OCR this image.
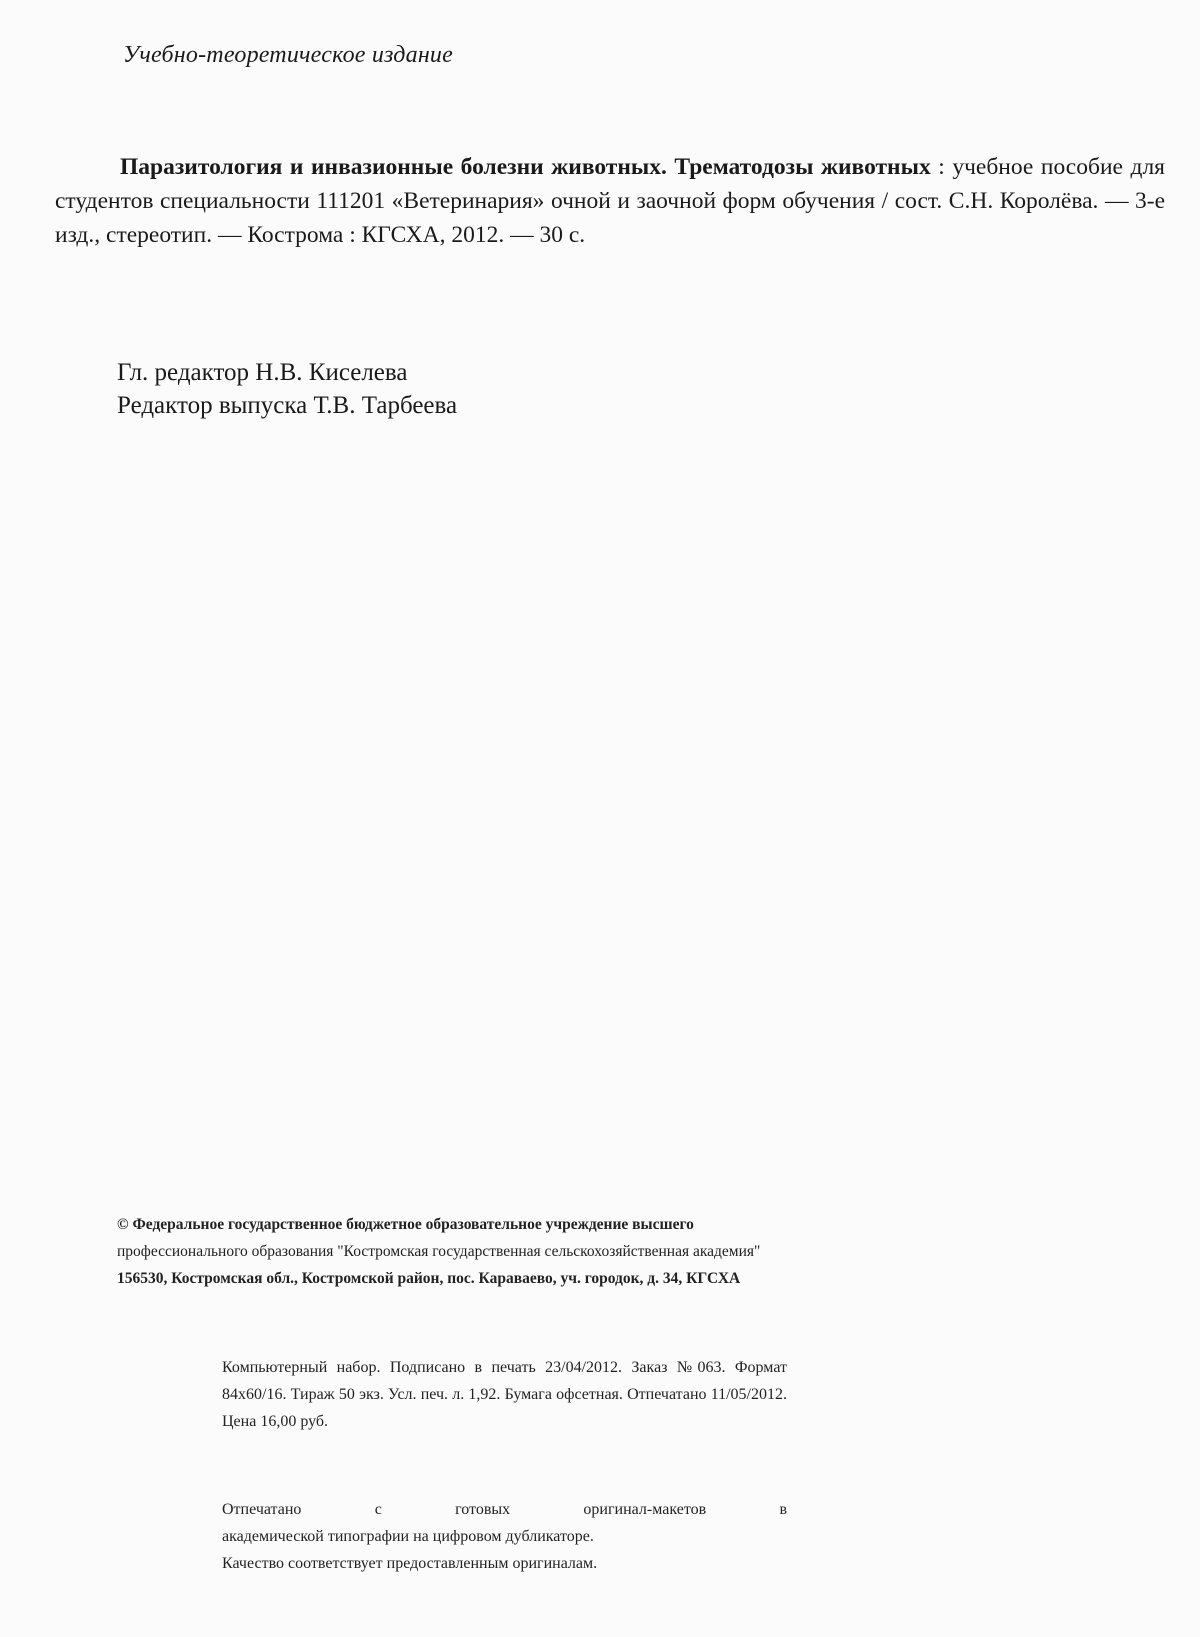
Учебно-теоретическое издание
Паразитология и инвазионные болезни животных. Трематодозы животных : учебное пособие для студентов специальности 111201 «Ветеринария» очной и заочной форм обучения / сост. С.Н. Королёва. — 3-е изд., стереотип. — Кострома : КГСХА, 2012. — 30 с.
Гл. редактор Н.В. Киселева
Редактор выпуска Т.В. Тарбеева
© Федеральное государственное бюджетное образовательное учреждение высшего
профессионального образования "Костромская государственная сельскохозяйственная академия"
156530, Костромская обл., Костромской район, пос. Караваево, уч. городок, д. 34, КГСХА
Компьютерный набор. Подписано в печать 23/04/2012. Заказ №063. Формат 84х60/16. Тираж 50 экз. Усл. печ. л. 1,92. Бумага офсетная. Отпечатано 11/05/2012. Цена 16,00 руб.
Отпечатано с готовых оригинал-макетов в
академической типографии на цифровом дубликаторе.
Качество соответствует предоставленным оригиналам.
